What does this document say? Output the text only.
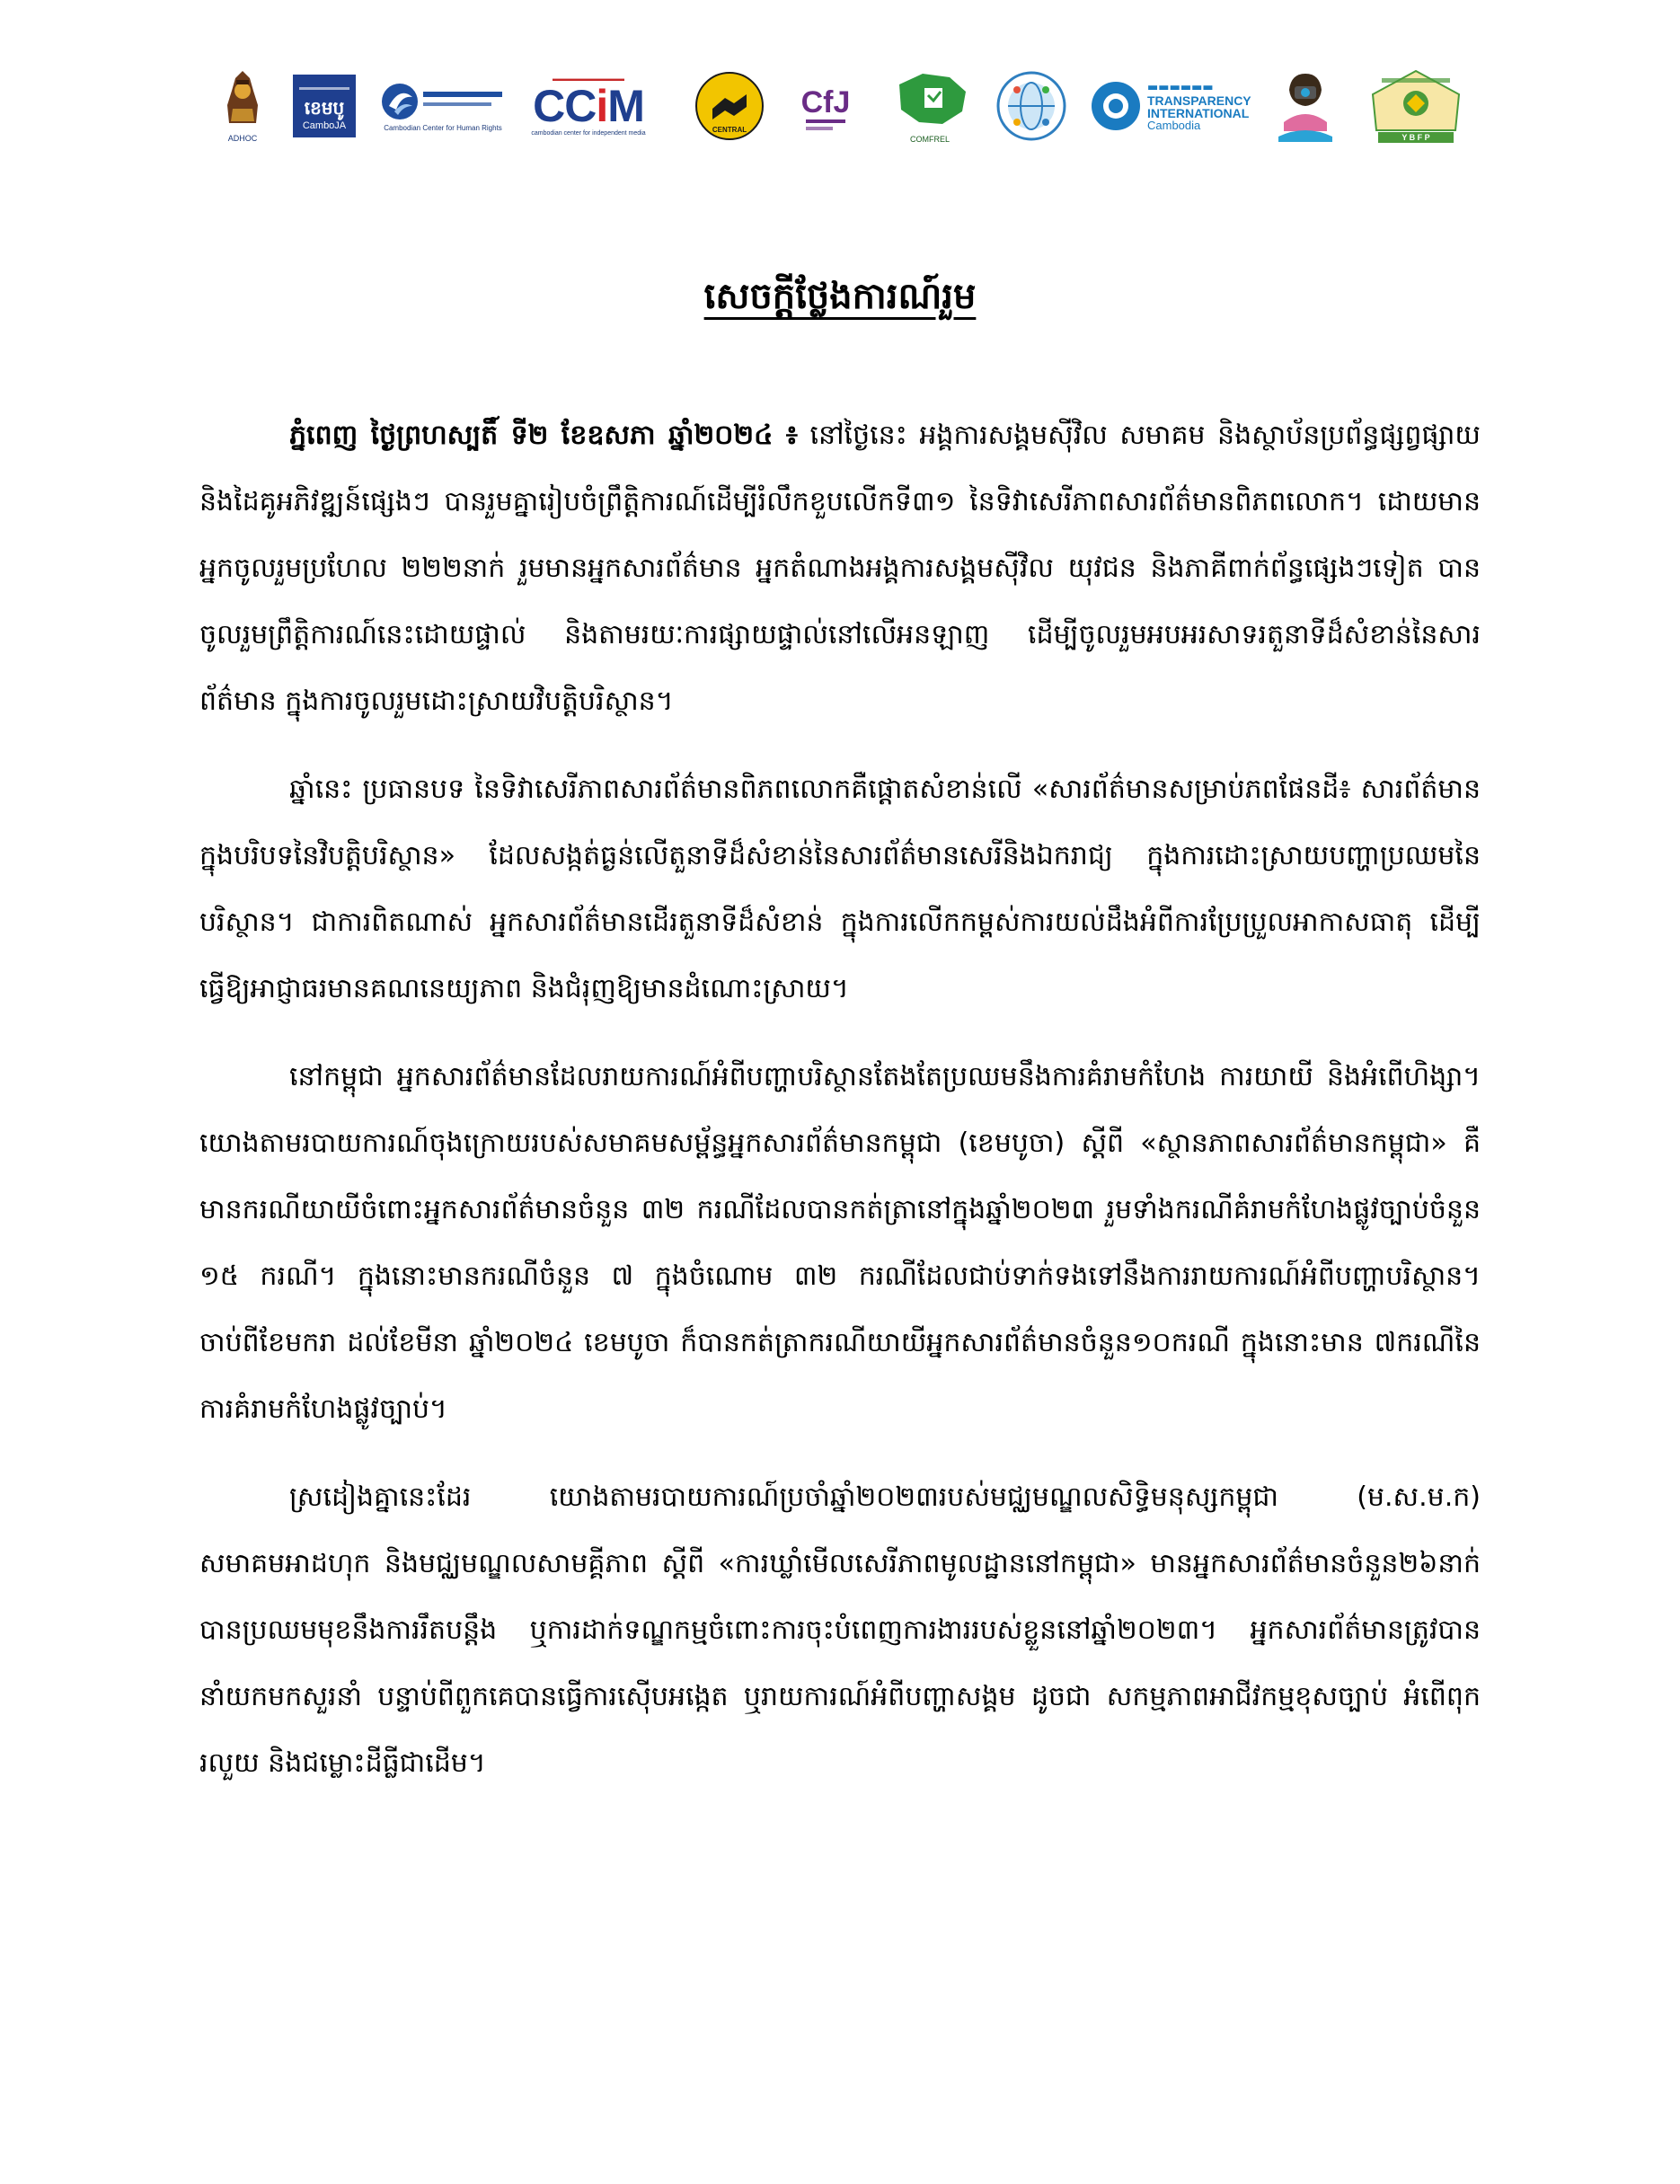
ADHOC
ខេមបូ
CamboJA	Cambodian Center for Human Rights
▬▬▬▬▬▬▬▬▬▬
CCiM
cambodian center for independent media	CENTRAL
CfJ
COMFREL
▬▬▬▬▬▬
TRANSPARENCY
INTERNATIONAL
Cambodia
Y B F P
សេចក្តីថ្លែងការណ៍រួម

ភ្នំពេញ ថ្ងៃព្រហស្បតិ៍ ទី២ ខែឧសភា ឆ្នាំ២០២៤ ៖ នៅថ្ងៃនេះ អង្គការសង្គមស៊ីវិល សមាគម និងស្ថាប័នប្រព័ន្ធផ្សព្វផ្សាយ និងដៃគូអភិវឌ្ឍន៍ផ្សេងៗ បានរួមគ្នារៀបចំព្រឹត្តិការណ៍ដើម្បីរំលឹកខួបលើកទី៣១ នៃទិវាសេរីភាពសារព័ត៌មានពិភពលោក។ ដោយមានអ្នកចូលរួមប្រហែល ២២២នាក់ រួមមានអ្នកសារព័ត៌មាន អ្នកតំណាងអង្គការសង្គមស៊ីវិល យុវជន និងភាគីពាក់ព័ន្ធផ្សេងៗទៀត បានចូលរួមព្រឹត្តិការណ៍នេះដោយផ្ទាល់ និងតាមរយៈការផ្សាយផ្ទាល់នៅលើអនឡាញ ដើម្បីចូលរួមអបអរសាទរតួនាទីដ៏សំខាន់នៃសារព័ត៌មាន ក្នុងការចូលរួមដោះស្រាយវិបត្តិបរិស្ថាន។

ឆ្នាំនេះ ប្រធានបទ នៃទិវាសេរីភាពសារព័ត៌មានពិភពលោកគឺផ្តោតសំខាន់លើ «សារព័ត៌មានសម្រាប់ភពផែនដី៖ សារព័ត៌មានក្នុងបរិបទនៃវិបត្តិបរិស្ថាន» ដែលសង្កត់ធ្ងន់លើតួនាទីដ៏សំខាន់នៃសារព័ត៌មានសេរីនិងឯករាជ្យ ក្នុងការដោះស្រាយបញ្ហាប្រឈមនៃបរិស្ថាន។ ជាការពិតណាស់ អ្នកសារព័ត៌មានដើរតួនាទីដ៏សំខាន់ ក្នុងការលើកកម្ពស់ការយល់ដឹងអំពីការប្រែប្រួលអាកាសធាតុ ដើម្បីធ្វើឱ្យអាជ្ញាធរមានគណនេយ្យភាព និងជំរុញឱ្យមានដំណោះស្រាយ។

នៅកម្ពុជា អ្នកសារព័ត៌មានដែលរាយការណ៍អំពីបញ្ហាបរិស្ថានតែងតែប្រឈមនឹងការគំរាមកំហែង ការយាយី និងអំពើហិង្សា។ យោងតាមរបាយការណ៍ចុងក្រោយរបស់សមាគមសម្ព័ន្ធអ្នកសារព័ត៌មានកម្ពុជា (ខេមបូចា) ស្តីពី «ស្ថានភាពសារព័ត៌មានកម្ពុជា» គឺមានករណីយាយីចំពោះអ្នកសារព័ត៌មានចំនួន ៣២ ករណីដែលបានកត់ត្រានៅក្នុងឆ្នាំ២០២៣ រួមទាំងករណីគំរាមកំហែងផ្លូវច្បាប់ចំនួន ១៥ ករណី។ ក្នុងនោះមានករណីចំនួន ៧ ក្នុងចំណោម ៣២ ករណីដែលជាប់ទាក់ទងទៅនឹងការរាយការណ៍អំពីបញ្ហាបរិស្ថាន។ ចាប់ពីខែមករា ដល់ខែមីនា ឆ្នាំ២០២៤ ខេមបូចា ក៏បានកត់ត្រាករណីយាយីអ្នកសារព័ត៌មានចំនួន១០ករណី ក្នុងនោះមាន ៧ករណីនៃការគំរាមកំហែងផ្លូវច្បាប់។

ស្រដៀងគ្នានេះដែរ យោងតាមរបាយការណ៍ប្រចាំឆ្នាំ២០២៣របស់មជ្ឈមណ្ឌលសិទ្ធិមនុស្សកម្ពុជា (ម.ស.ម.ក) សមាគមអាដហុក និងមជ្ឈមណ្ឌលសាមគ្គីភាព ស្តីពី «ការឃ្លាំមើលសេរីភាពមូលដ្ឋាននៅកម្ពុជា» មានអ្នកសារព័ត៌មានចំនួន២៦នាក់ បានប្រឈមមុខនឹងការរឹតបន្តឹង ឬការដាក់ទណ្ឌកម្មចំពោះការចុះបំពេញការងាររបស់ខ្លួននៅឆ្នាំ២០២៣។ អ្នកសារព័ត៌មានត្រូវបាននាំយកមកសួរនាំ បន្ទាប់ពីពួកគេបានធ្វើការស៊ើបអង្កេត ឬរាយការណ៍អំពីបញ្ហាសង្គម ដូចជា សកម្មភាពអាជីវកម្មខុសច្បាប់ អំពើពុករលួយ និងជម្លោះដីធ្លីជាដើម។
